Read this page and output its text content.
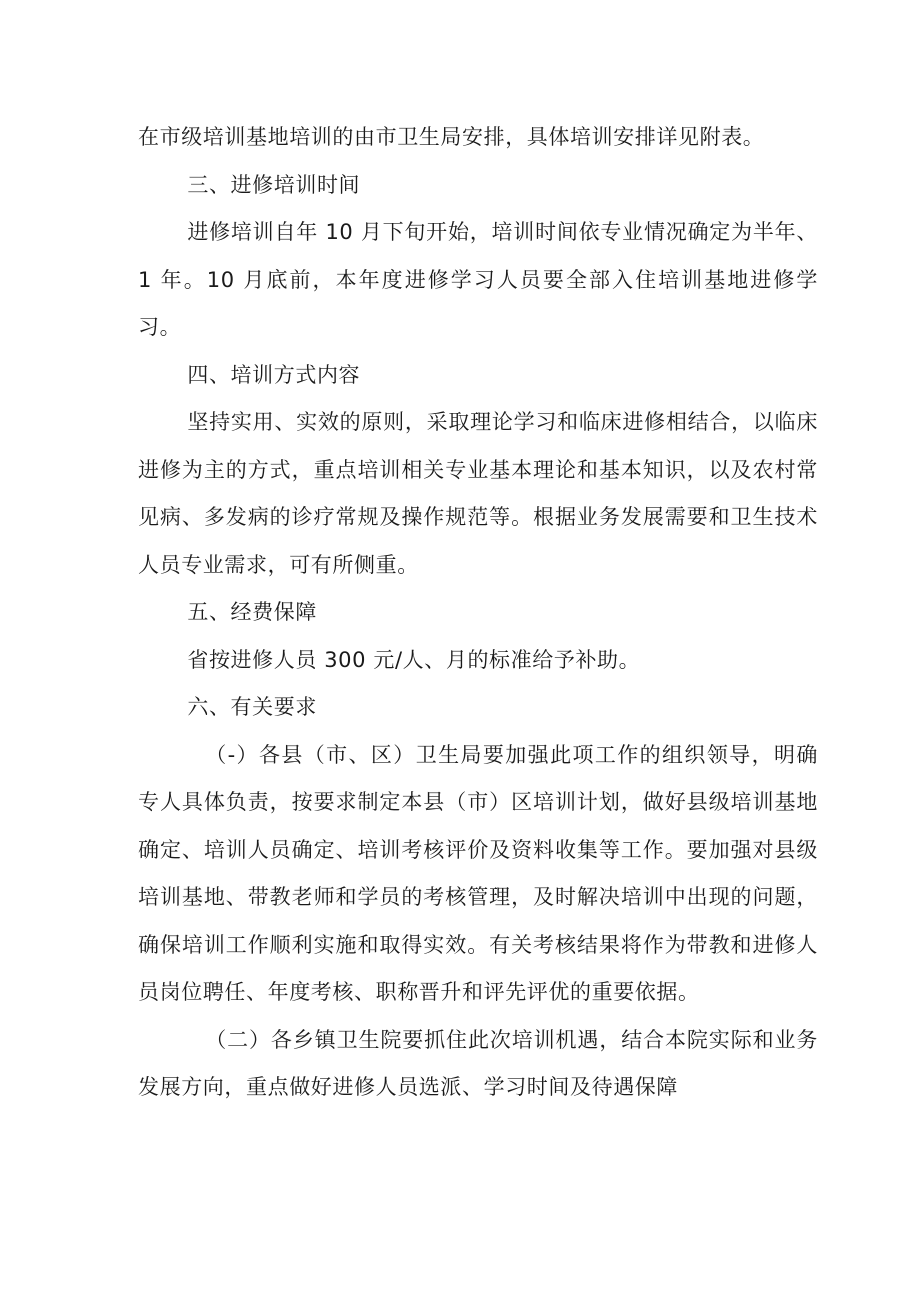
在市级培训基地培训的由市卫生局安排，具体培训安排详见附表。

三、进修培训时间

进修培训自年 10 月下旬开始，培训时间依专业情况确定为半年、1 年。10 月底前，本年度进修学习人员要全部入住培训基地进修学习。

四、培训方式内容

坚持实用、实效的原则，采取理论学习和临床进修相结合，以临床进修为主的方式，重点培训相关专业基本理论和基本知识，以及农村常见病、多发病的诊疗常规及操作规范等。根据业务发展需要和卫生技术人员专业需求，可有所侧重。

五、经费保障

省按进修人员 300 元/人、月的标准给予补助。

六、有关要求

（-）各县（市、区）卫生局要加强此项工作的组织领导，明确专人具体负责，按要求制定本县（市）区培训计划，做好县级培训基地确定、培训人员确定、培训考核评价及资料收集等工作。要加强对县级培训基地、带教老师和学员的考核管理，及时解决培训中出现的问题，确保培训工作顺利实施和取得实效。有关考核结果将作为带教和进修人员岗位聘任、年度考核、职称晋升和评先评优的重要依据。

（二）各乡镇卫生院要抓住此次培训机遇，结合本院实际和业务发展方向，重点做好进修人员选派、学习时间及待遇保障
